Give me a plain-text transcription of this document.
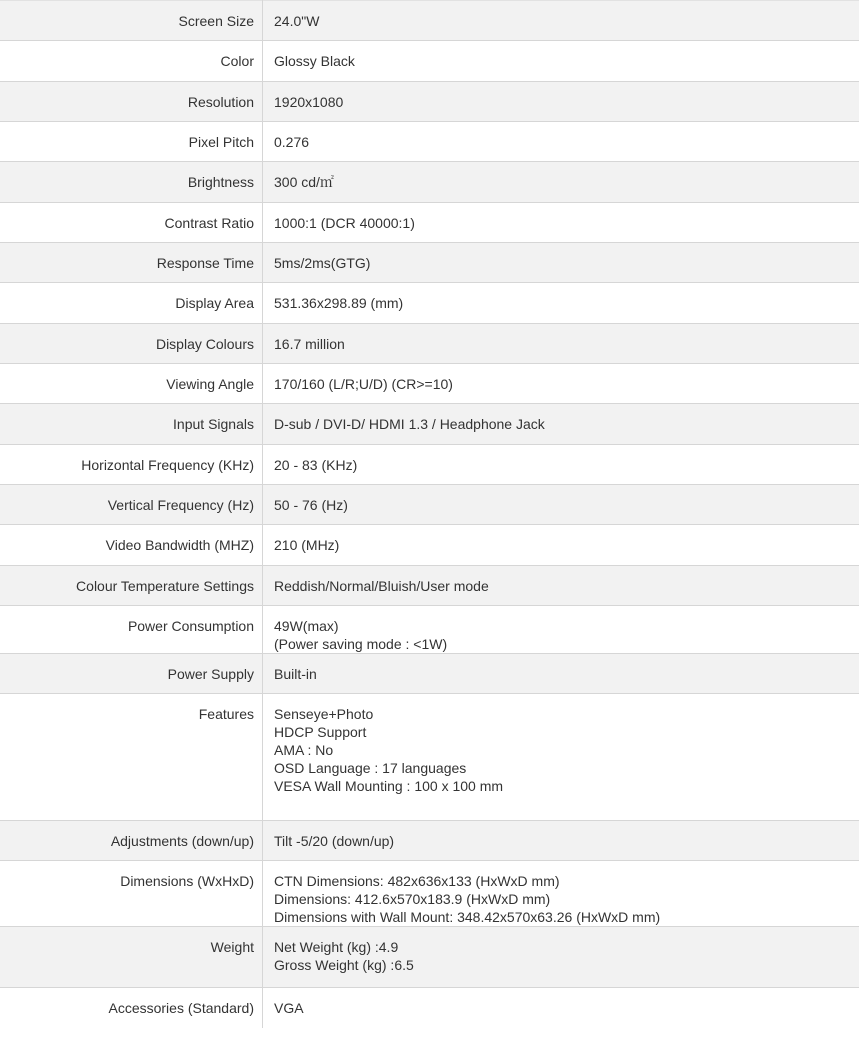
Screen Size	24.0"W

Color	Glossy Black

Resolution	1920x1080

Pixel Pitch	0.276

Brightness	300 cd/㎡

Contrast Ratio	1000:1 (DCR 40000:1)

Response Time	5ms/2ms(GTG)

Display Area	531.36x298.89 (mm)

Display Colours	16.7 million

Viewing Angle	170/160 (L/R;U/D) (CR>=10)

Input Signals	D-sub / DVI-D/ HDMI 1.3 / Headphone Jack

Horizontal Frequency (KHz)	20 - 83 (KHz)

Vertical Frequency (Hz)	50 - 76 (Hz)

Video Bandwidth (MHZ)	210 (MHz)

Colour Temperature Settings	Reddish/Normal/Bluish/User mode

Power Consumption	49W(max)
(Power saving mode : <1W)

Power Supply	Built-in

Features	Senseye+Photo
HDCP Support
AMA : No
OSD Language : 17 languages
VESA Wall Mounting : 100 x 100 mm

Adjustments (down/up)	Tilt -5/20 (down/up)

Dimensions (WxHxD)	CTN Dimensions: 482x636x133 (HxWxD mm)
Dimensions: 412.6x570x183.9 (HxWxD mm)
Dimensions with Wall Mount: 348.42x570x63.26 (HxWxD mm)

Weight	Net Weight (kg) :4.9
Gross Weight (kg) :6.5

Accessories (Standard)	VGA
